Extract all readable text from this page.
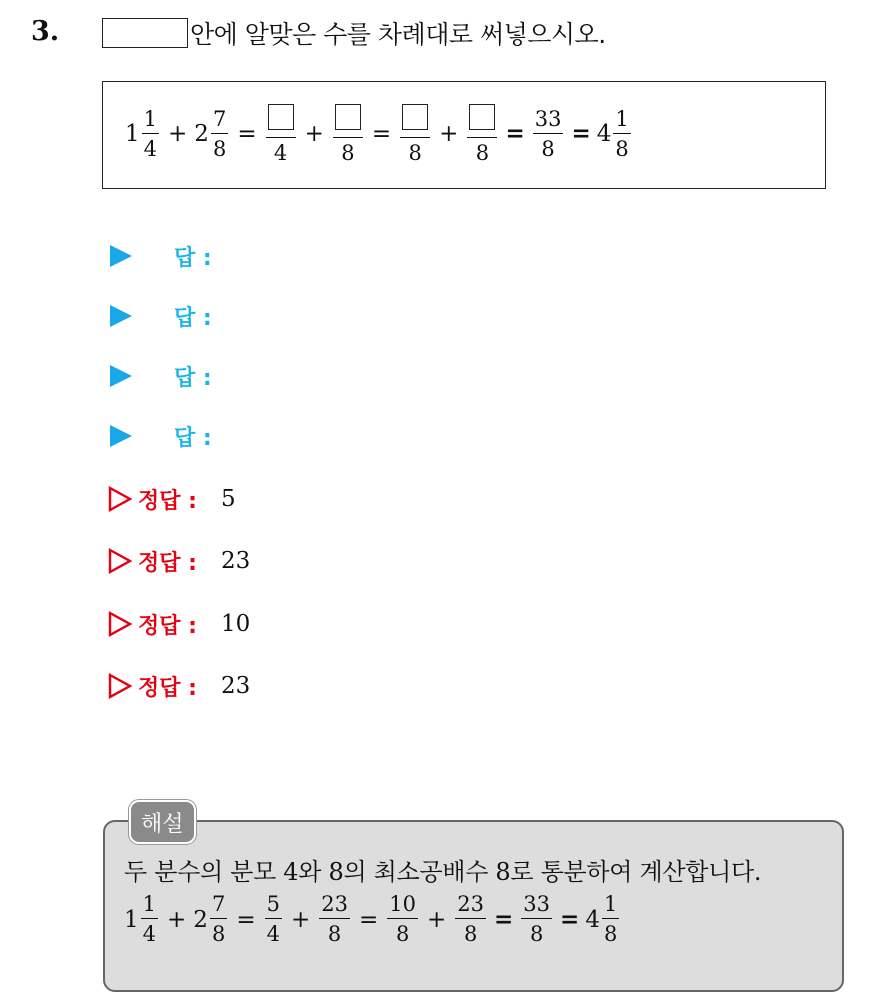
3.	안에 알맞은 수를 차례대로 써넣으시오.
$1 \frac{1}{4} + 2 \frac{7}{8}$ =
4
+
8
=
8
+
8
= $\frac{33}{8} = 4 \frac{1}{8}$
답 :
답 :
답 :
답 :
정답 : 5
정답 : 23
정답 : 10
정답 : 23
해설
두 분수의 분모 4와 8의 최소공배수 8로 통분하여 계산합니다.
$1 \frac{1}{4} + 2 \frac{7}{8} = \frac{5}{4} + \frac{23}{8} = \frac{10}{8} + \frac{23}{8} = \frac{33}{8} = 4 \frac{1}{8}$
